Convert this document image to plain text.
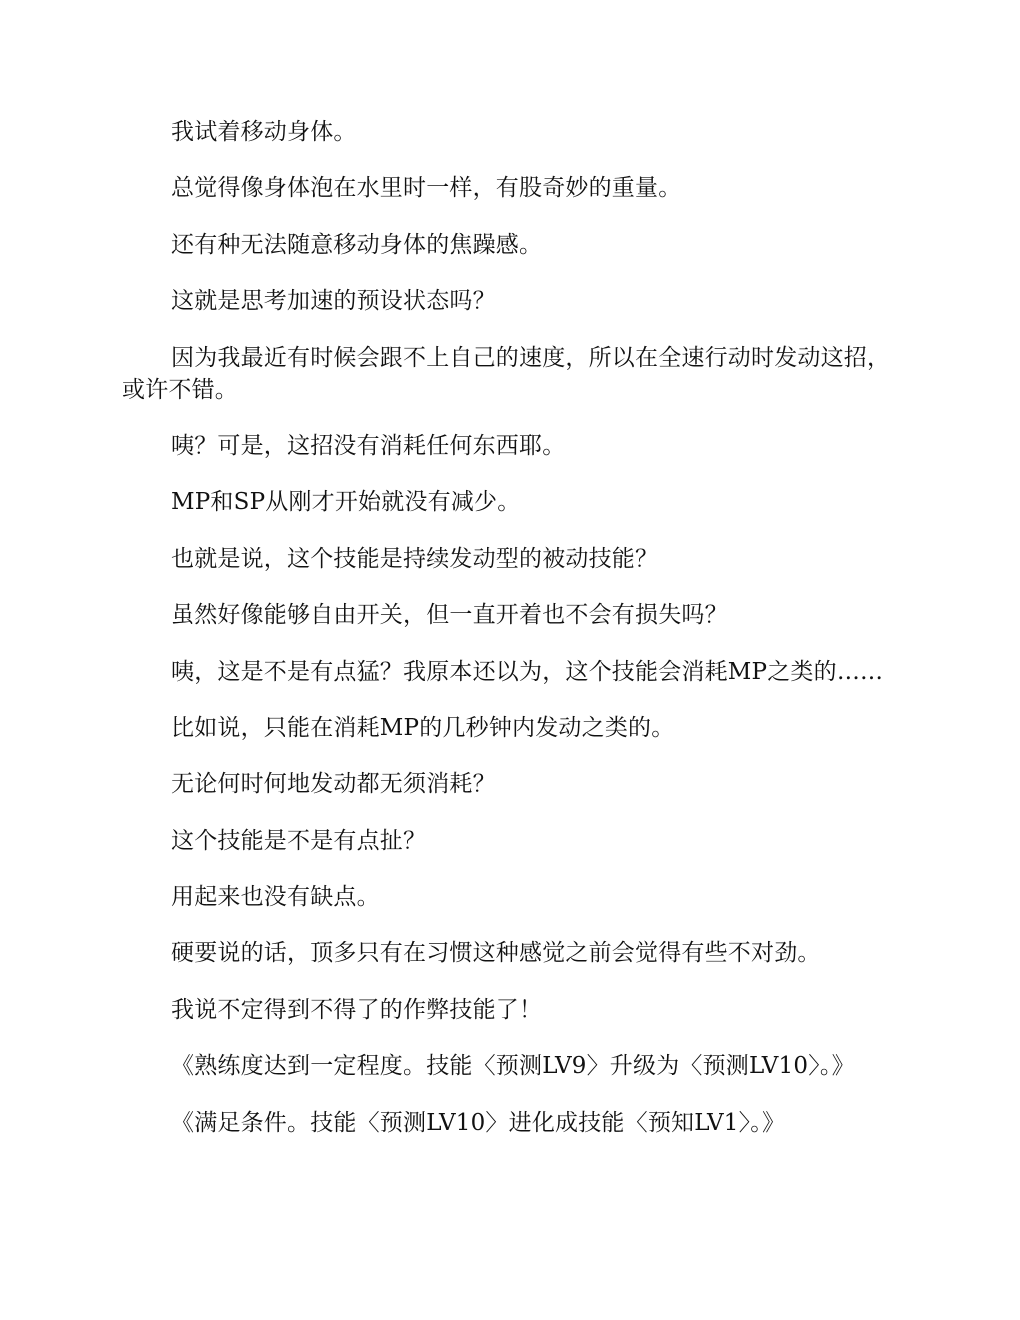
我试着移动身体。

总觉得像身体泡在水里时一样，有股奇妙的重量。

还有种无法随意移动身体的焦躁感。

这就是思考加速的预设状态吗？

因为我最近有时候会跟不上自己的速度，所以在全速行动时发动这招，或许不错。

咦？可是，这招没有消耗任何东西耶。

MP和SP从刚才开始就没有减少。

也就是说，这个技能是持续发动型的被动技能？

虽然好像能够自由开关，但一直开着也不会有损失吗？

咦，这是不是有点猛？我原本还以为，这个技能会消耗MP之类的……

比如说，只能在消耗MP的几秒钟内发动之类的。

无论何时何地发动都无须消耗？

这个技能是不是有点扯？

用起来也没有缺点。

硬要说的话，顶多只有在习惯这种感觉之前会觉得有些不对劲。

我说不定得到不得了的作弊技能了！

《熟练度达到一定程度。技能〈预测LV9〉升级为〈预测LV10〉。》

《满足条件。技能〈预测LV10〉进化成技能〈预知LV1〉。》
